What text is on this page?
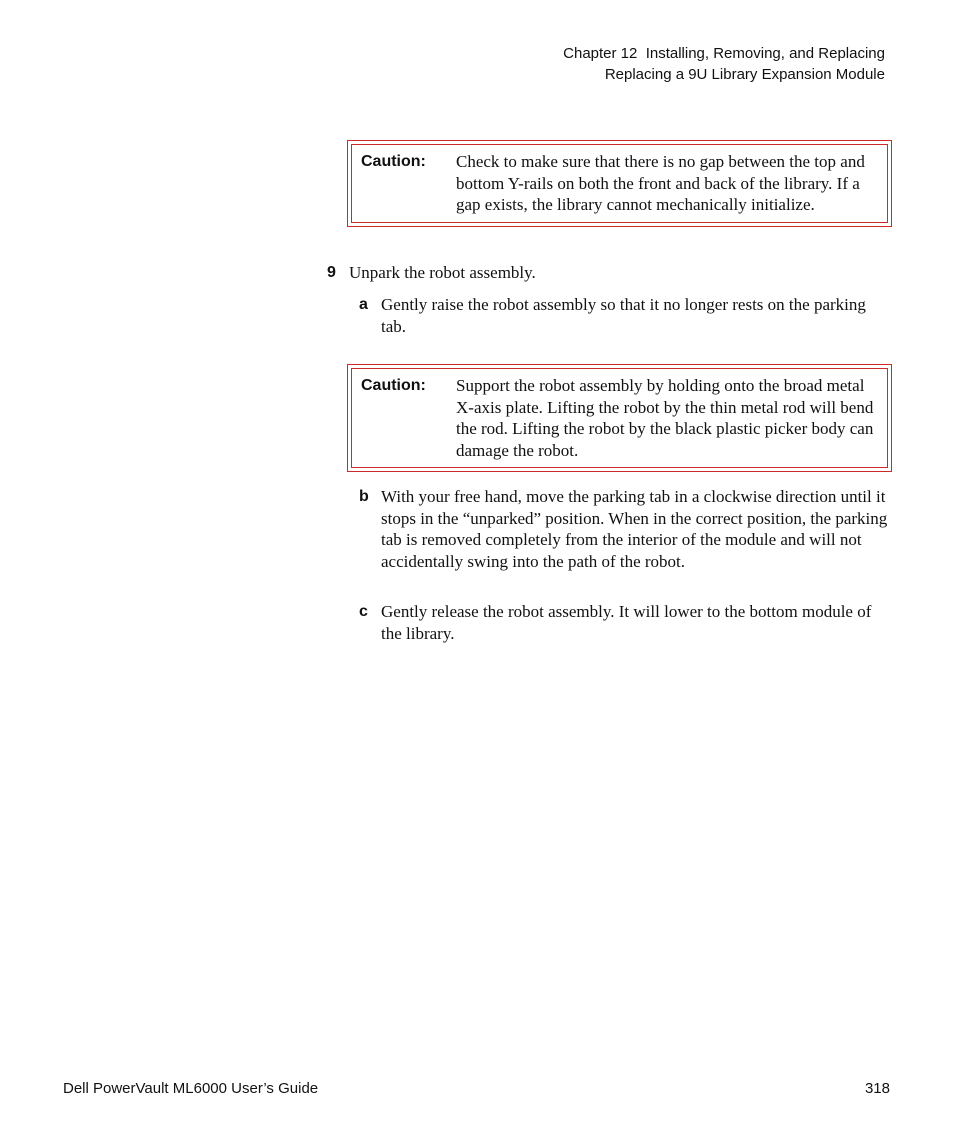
Chapter 12  Installing, Removing, and Replacing
Replacing a 9U Library Expansion Module
Caution:	Check to make sure that there is no gap between the top and bottom Y-rails on both the front and back of the library. If a gap exists, the library cannot mechanically initialize.
9 Unpark the robot assembly.
a Gently raise the robot assembly so that it no longer rests on the parking tab.
Caution:	Support the robot assembly by holding onto the broad metal X-axis plate. Lifting the robot by the thin metal rod will bend the rod. Lifting the robot by the black plastic picker body can damage the robot.
b With your free hand, move the parking tab in a clockwise direction until it stops in the “unparked” position. When in the correct position, the parking tab is removed completely from the interior of the module and will not accidentally swing into the path of the robot.
c Gently release the robot assembly. It will lower to the bottom module of the library.
Dell PowerVault ML6000 User’s Guide	318
